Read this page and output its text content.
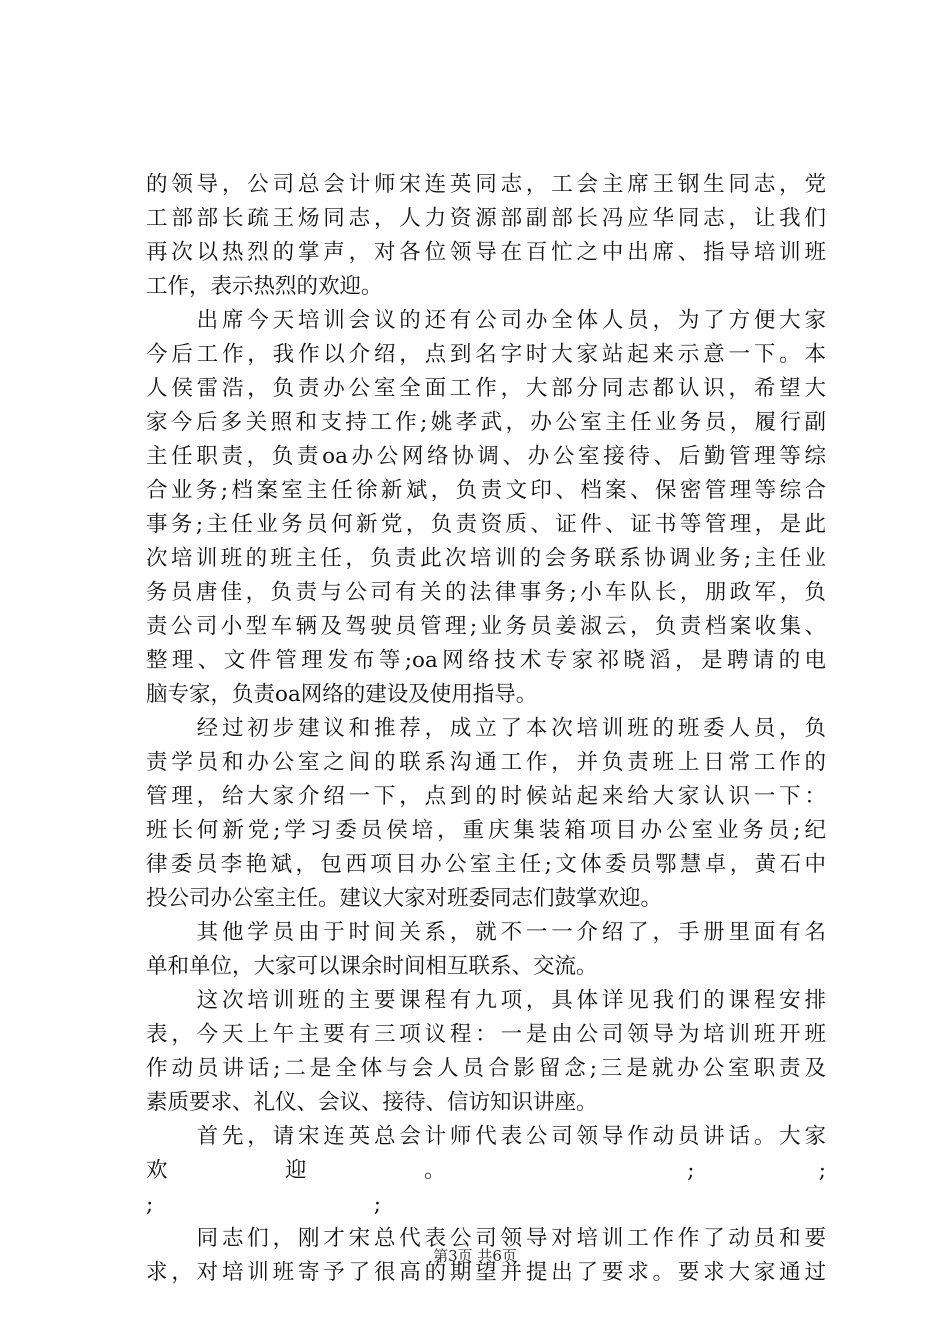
的领导，公司总会计师宋连英同志，工会主席王钢生同志，党
工部部长疏王炀同志，人力资源部副部长冯应华同志，让我们
再次以热烈的掌声，对各位领导在百忙之中出席、指导培训班
工作，表示热烈的欢迎。
　　出席今天培训会议的还有公司办全体人员，为了方便大家
今后工作，我作以介绍，点到名字时大家站起来示意一下。本
人侯雷浩，负责办公室全面工作，大部分同志都认识，希望大
家今后多关照和支持工作;姚孝武，办公室主任业务员，履行副
主任职责，负责oa办公网络协调、办公室接待、后勤管理等综
合业务;档案室主任徐新斌，负责文印、档案、保密管理等综合
事务;主任业务员何新党，负责资质、证件、证书等管理，是此
次培训班的班主任，负责此次培训的会务联系协调业务;主任业
务员唐佳，负责与公司有关的法律事务;小车队长，朋政军，负
责公司小型车辆及驾驶员管理;业务员姜淑云，负责档案收集、
整理、文件管理发布等;oa网络技术专家祁晓滔，是聘请的电
脑专家，负责oa网络的建设及使用指导。
　　经过初步建议和推荐，成立了本次培训班的班委人员，负
责学员和办公室之间的联系沟通工作，并负责班上日常工作的
管理，给大家介绍一下，点到的时候站起来给大家认识一下：
班长何新党;学习委员侯培，重庆集装箱项目办公室业务员;纪
律委员李艳斌，包西项目办公室主任;文体委员鄂慧卓，黄石中
投公司办公室主任。建议大家对班委同志们鼓掌欢迎。
　　其他学员由于时间关系，就不一一介绍了，手册里面有名
单和单位，大家可以课余时间相互联系、交流。
　　这次培训班的主要课程有九项，具体详见我们的课程安排
表，今天上午主要有三项议程：一是由公司领导为培训班开班
作动员讲话;二是全体与会人员合影留念;三是就办公室职责及
素质要求、礼仪、会议、接待、信访知识讲座。
　　首先，请宋连英总会计师代表公司领导作动员讲话。大家
欢迎。 ; ;
; ;
　　同志们，刚才宋总代表公司领导对培训工作作了动员和要
求，对培训班寄予了很高的期望并提出了要求。要求大家通过
第3页 共6页
